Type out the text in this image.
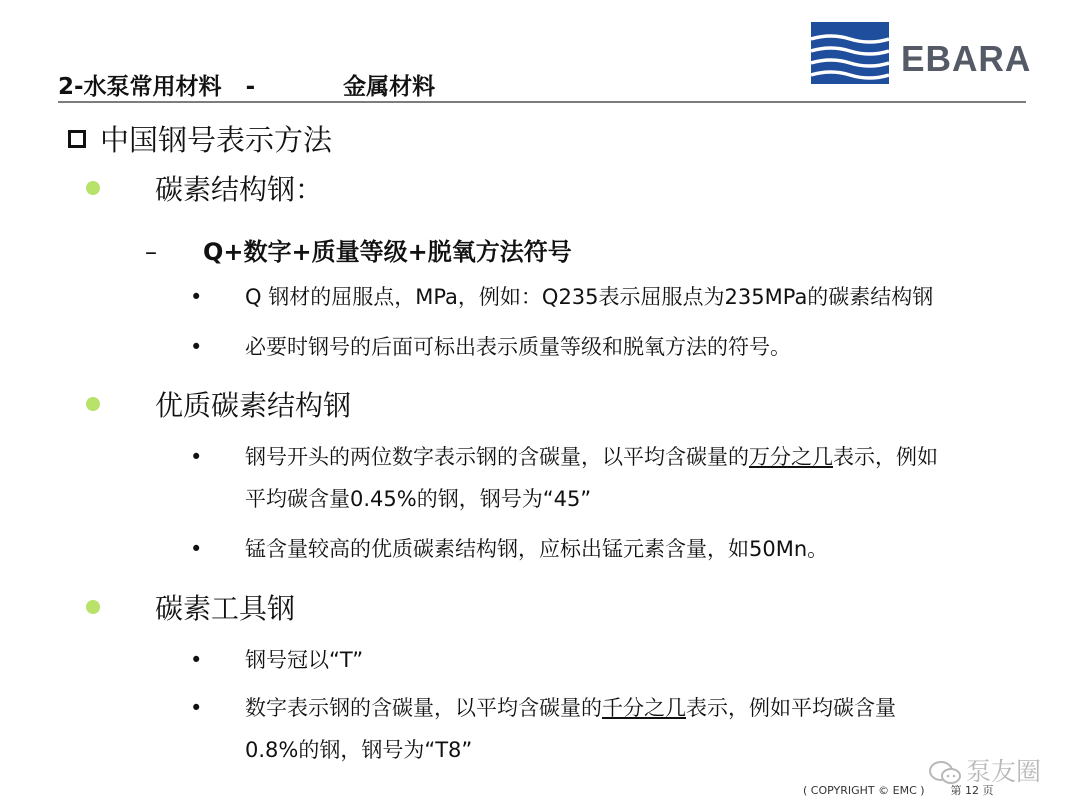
2-水泵常用材料 -	金属材料
EBARA
中国钢号表示方法
碳素结构钢：
– Q+数字+质量等级+脱氧方法符号
•	Q 钢材的屈服点，MPa，例如：Q235表示屈服点为235MPa的碳素结构钢
•	必要时钢号的后面可标出表示质量等级和脱氧方法的符号。
优质碳素结构钢
•	钢号开头的两位数字表示钢的含碳量，以平均含碳量的万分之几表示，例如
平均碳含量0.45%的钢，钢号为“45”
•	锰含量较高的优质碳素结构钢，应标出锰元素含量，如50Mn。
碳素工具钢
•	钢号冠以“T”
•	数字表示钢的含碳量，以平均含碳量的千分之几表示，例如平均碳含量
0.8%的钢，钢号为“T8”
泵友圈
( COPYRIGHT © EMC ) 第 12 页
